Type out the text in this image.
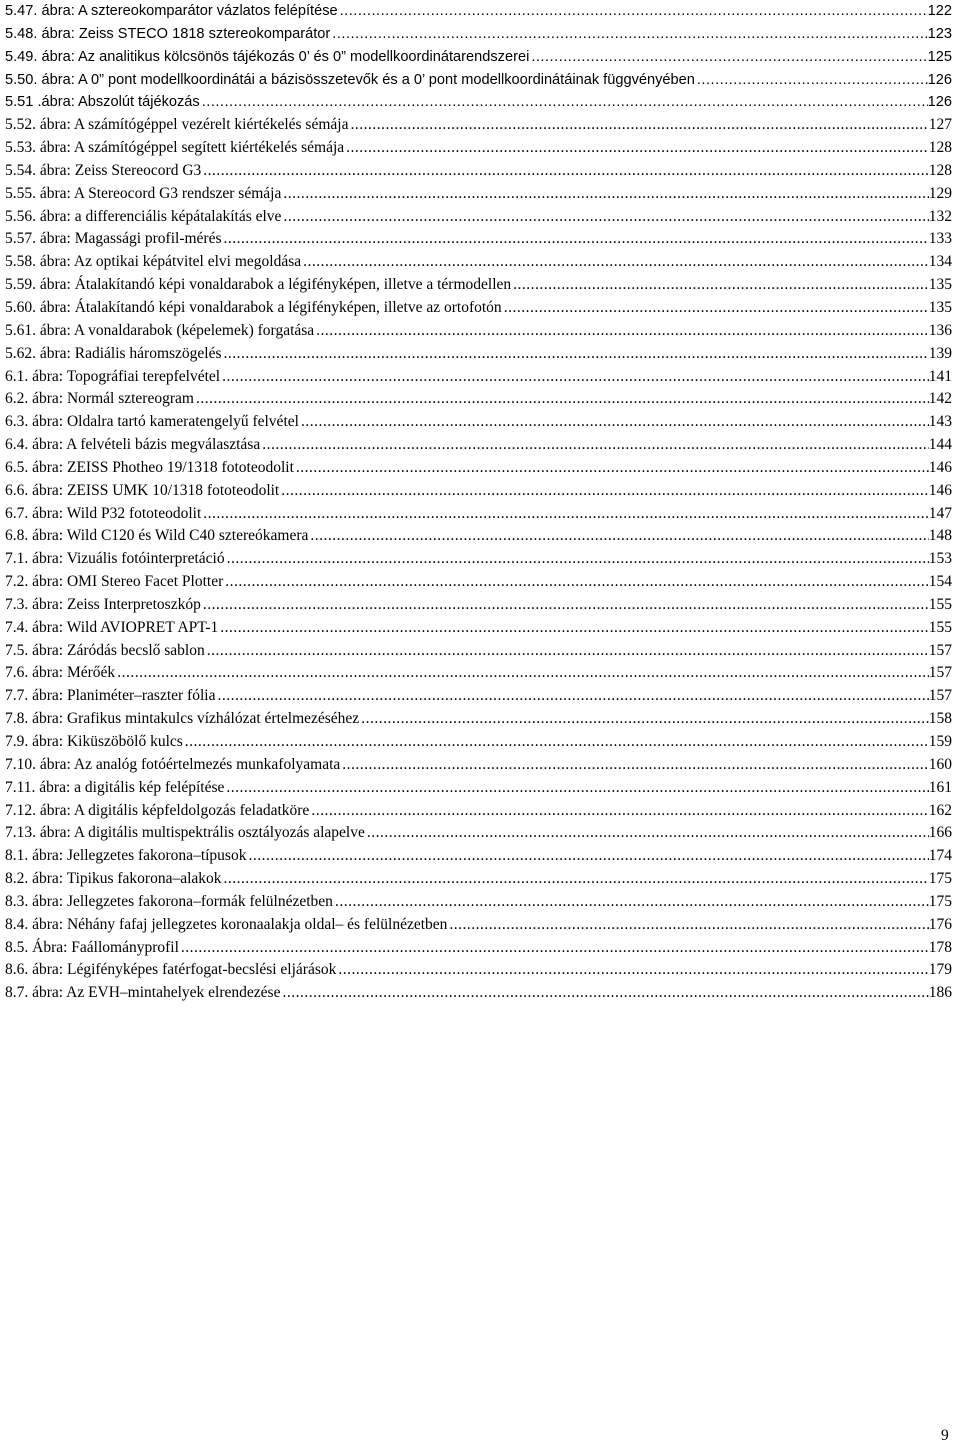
5.47. ábra: A sztereokomparátor vázlatos felépítése .....	122
5.48. ábra: Zeiss STECO 1818 sztereokomparátor .....	123
5.49. ábra: Az analitikus kölcsönös tájékozás 0’ és 0” modellkoordinátarendszerei .....	125
5.50. ábra: A 0” pont modellkoordinátái a bázisösszetevők és a 0’ pont modellkoordinátáinak függvényében .....	126
5.51 .ábra: Abszolút tájékozás .....	126
5.52. ábra: A számítógéppel vezérelt kiértékelés sémája .....	127
5.53. ábra: A számítógéppel segített kiértékelés sémája .....	128
5.54. ábra: Zeiss Stereocord G3 .....	128
5.55. ábra: A Stereocord G3 rendszer sémája .....	129
5.56. ábra: a differenciális képátalakítás elve .....	132
5.57. ábra: Magassági profil-mérés .....	133
5.58. ábra: Az optikai képátvitel elvi megoldása .....	134
5.59. ábra: Átalakítandó képi vonaldarabok a légifényképen, illetve a térmodellen .....	135
5.60. ábra: Átalakítandó képi vonaldarabok a légifényképen, illetve az ortofotón .....	135
5.61. ábra: A vonaldarabok (képelemek) forgatása .....	136
5.62. ábra: Radiális háromszögelés .....	139
6.1. ábra: Topográfiai terepfelvétel .....	141
6.2. ábra: Normál sztereogram .....	142
6.3. ábra: Oldalra tartó kameratengelyű felvétel .....	143
6.4. ábra: A felvételi bázis megválasztása .....	144
6.5. ábra: ZEISS Photheo 19/1318 fototeodolit .....	146
6.6. ábra: ZEISS UMK 10/1318 fototeodolit .....	146
6.7. ábra: Wild P32 fototeodolit .....	147
6.8. ábra: Wild C120 és Wild C40 sztereókamera .....	148
7.1. ábra: Vizuális fotóinterpretáció .....	153
7.2. ábra: OMI Stereo Facet Plotter .....	154
7.3. ábra: Zeiss Interpretoszkóp .....	155
7.4. ábra: Wild AVIOPRET APT-1 .....	155
7.5. ábra: Záródás becslő sablon .....	157
7.6. ábra: Mérőék .....	157
7.7. ábra: Planiméter–raszter fólia .....	157
7.8. ábra: Grafikus mintakulcs vízhálózat értelmezéséhez .....	158
7.9. ábra: Kiküszöbölő kulcs .....	159
7.10. ábra: Az analóg fotóértelmezés munkafolyamata .....	160
7.11. ábra: a digitális kép felépítése .....	161
7.12. ábra: A digitális képfeldolgozás feladatköre .....	162
7.13. ábra: A digitális multispektrális osztályozás alapelve .....	166
8.1. ábra: Jellegzetes fakorona–típusok .....	174
8.2. ábra: Tipikus fakorona–alakok .....	175
8.3. ábra: Jellegzetes fakorona–formák felülnézetben .....	175
8.4. ábra: Néhány fafaj jellegzetes koronaalakja oldal– és felülnézetben .....	176
8.5. Ábra: Faállományprofil .....	178
8.6. ábra: Légifényképes fatérfogat-becslési eljárások .....	179
8.7. ábra: Az EVH–mintahelyek elrendezése .....	186
9
